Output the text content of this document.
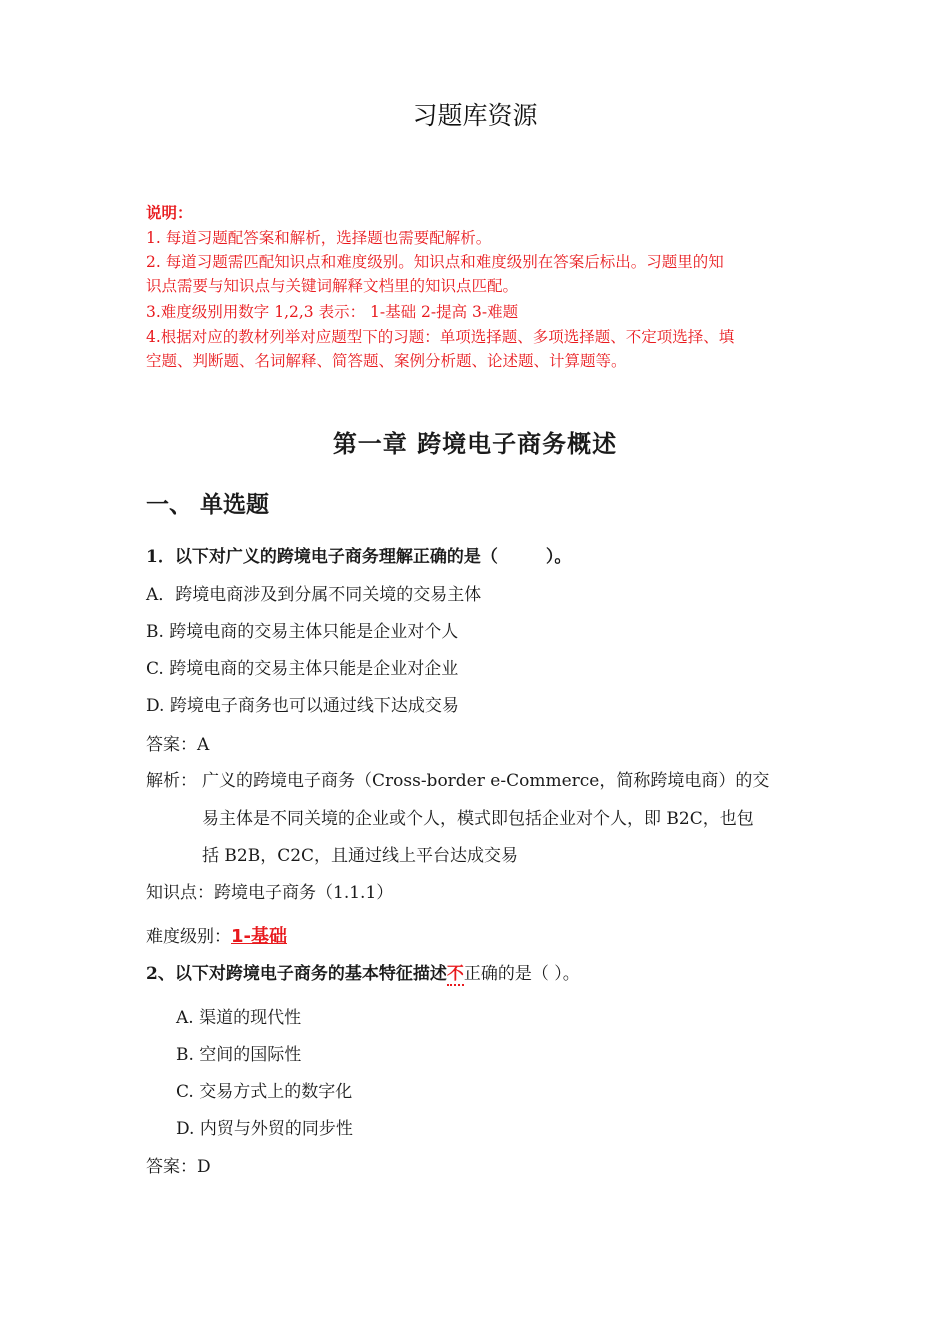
习题库资源
说明：
1. 每道习题配答案和解析，选择题也需要配解析。
2. 每道习题需匹配知识点和难度级别。知识点和难度级别在答案后标出。习题里的知
识点需要与知识点与关键词解释文档里的知识点匹配。
3.难度级别用数字 1,2,3 表示： 1-基础 2-提高 3-难题
4.根据对应的教材列举对应题型下的习题：单项选择题、多项选择题、不定项选择、填
空题、判断题、名词解释、简答题、案例分析题、论述题、计算题等。
第一章 跨境电子商务概述
一、 单选题
1．以下对广义的跨境电子商务理解正确的是（	）。
A．跨境电商涉及到分属不同关境的交易主体
B. 跨境电商的交易主体只能是企业对个人
C. 跨境电商的交易主体只能是企业对企业
D. 跨境电子商务也可以通过线下达成交易
答案：A
解析： 广义的跨境电子商务（Cross-border e-Commerce，简称跨境电商）的交
易主体是不同关境的企业或个人，模式即包括企业对个人，即 B2C，也包
括 B2B，C2C，且通过线上平台达成交易
知识点：跨境电子商务（1.1.1）
难度级别：1-基础
2、以下对跨境电子商务的基本特征描述不正确的是（ ）。
A. 渠道的现代性
B. 空间的国际性
C. 交易方式上的数字化
D. 内贸与外贸的同步性
答案：D
